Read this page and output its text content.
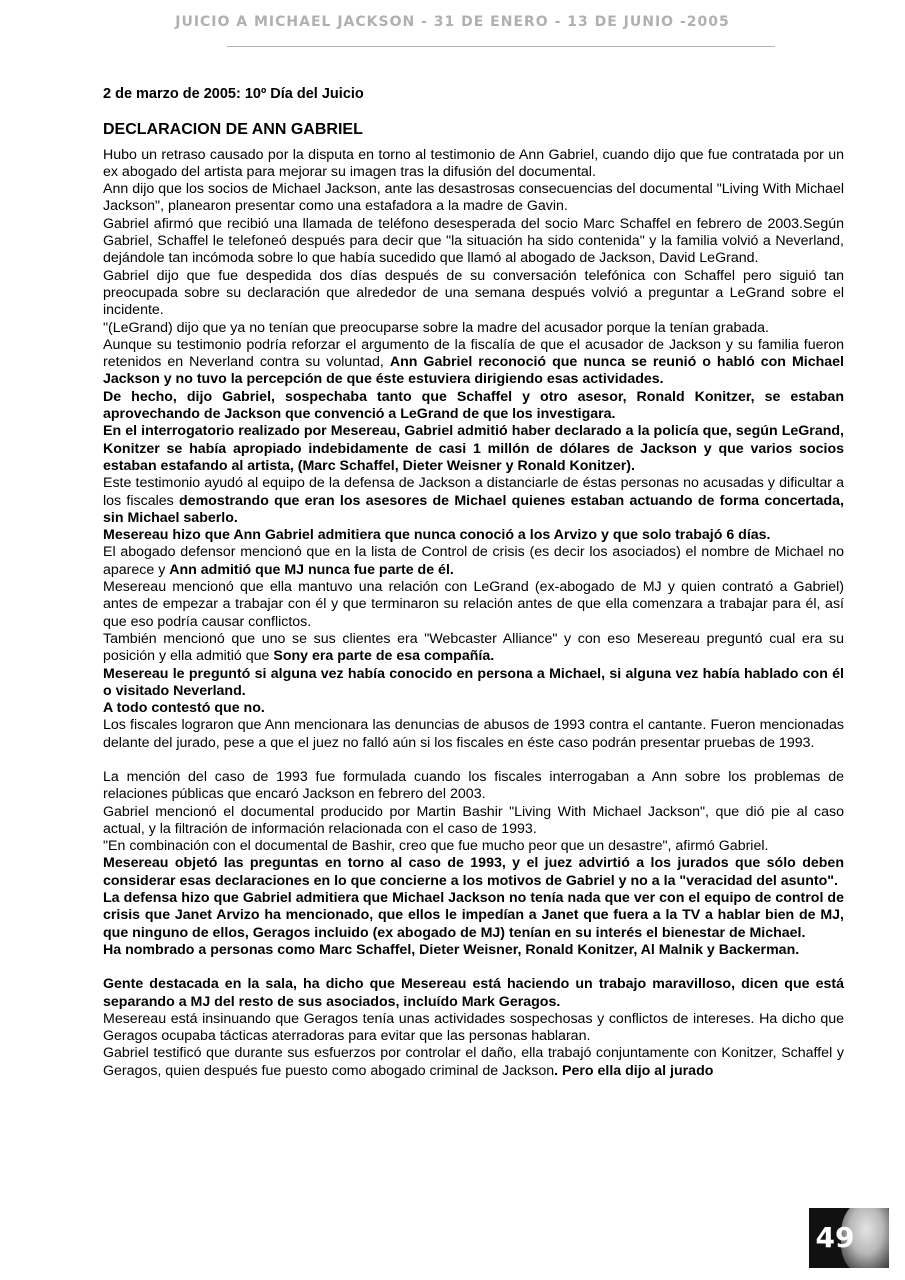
JUICIO A MICHAEL JACKSON - 31 DE ENERO - 13 DE JUNIO -2005
2 de marzo de 2005: 10º Día del Juicio
DECLARACION DE ANN GABRIEL

Hubo un retraso causado por la disputa en torno al testimonio de Ann Gabriel, cuando dijo que fue contratada por un ex abogado del artista para mejorar su imagen tras la difusión del documental.

Ann dijo que los socios de Michael Jackson, ante las desastrosas consecuencias del documental "Living With Michael Jackson", planearon presentar como una estafadora a la madre de Gavin.

Gabriel afirmó que recibió una llamada de teléfono desesperada del socio Marc Schaffel en febrero de 2003.Según Gabriel, Schaffel le telefoneó después para decir que "la situación ha sido contenida" y la familia volvió a Neverland, dejándole tan incómoda sobre lo que había sucedido que llamó al abogado de Jackson, David LeGrand.

Gabriel dijo que fue despedida dos días después de su conversación telefónica con Schaffel pero siguió tan preocupada sobre su declaración que alrededor de una semana después volvió a preguntar a LeGrand sobre el incidente.

"(LeGrand) dijo que ya no tenían que preocuparse sobre la madre del acusador porque la tenían grabada.

Aunque su testimonio podría reforzar el argumento de la fiscalía de que el acusador de Jackson y su familia fueron retenidos en Neverland contra su voluntad, Ann Gabriel reconoció que nunca se reunió o habló con Michael Jackson y no tuvo la percepción de que éste estuviera dirigiendo esas actividades.

De hecho, dijo Gabriel, sospechaba tanto que Schaffel y otro asesor, Ronald Konitzer, se estaban aprovechando de Jackson que convenció a LeGrand de que los investigara.

En el interrogatorio realizado por Mesereau, Gabriel admitió haber declarado a la policía que, según LeGrand, Konitzer se había apropiado indebidamente de casi 1 millón de dólares de Jackson y que varios socios estaban estafando al artista, (Marc Schaffel, Dieter Weisner y Ronald Konitzer).

Este testimonio ayudó al equipo de la defensa de Jackson a distanciarle de éstas personas no acusadas y dificultar a los fiscales demostrando que eran los asesores de Michael quienes estaban actuando de forma concertada, sin Michael saberlo.

Mesereau hizo que Ann Gabriel admitiera que nunca conoció a los Arvizo y que solo trabajó 6 días.

El abogado defensor mencionó que en la lista de Control de crisis (es decir los asociados) el nombre de Michael no aparece y Ann admitió que MJ nunca fue parte de él.

Mesereau mencionó que ella mantuvo una relación con LeGrand (ex-abogado de MJ y quien contrató a Gabriel) antes de empezar a trabajar con él y que terminaron su relación antes de que ella comenzara a trabajar para él, así que eso podría causar conflictos.

También mencionó que uno se sus clientes era "Webcaster Alliance" y con eso Mesereau preguntó cual era su posición y ella admitió que Sony era parte de esa compañía.

Mesereau le preguntó si alguna vez había conocido en persona a Michael, si alguna vez había hablado con él o visitado Neverland.

A todo contestó que no.

Los fiscales lograron que Ann mencionara las denuncias de abusos de 1993 contra el cantante. Fueron mencionadas delante del jurado, pese a que el juez no falló aún si los fiscales en éste caso podrán presentar pruebas de 1993.

La mención del caso de 1993 fue formulada cuando los fiscales interrogaban a Ann sobre los problemas de relaciones públicas que encaró Jackson en febrero del 2003.

Gabriel mencionó el documental producido por Martin Bashir "Living With Michael Jackson", que dió pie al caso actual, y la filtración de información relacionada con el caso de 1993.

"En combinación con el documental de Bashir, creo que fue mucho peor que un desastre", afirmó Gabriel.

Mesereau objetó las preguntas en torno al caso de 1993, y el juez advirtió a los jurados que sólo deben considerar esas declaraciones en lo que concierne a los motivos de Gabriel y no a la "veracidad del asunto".

La defensa hizo que Gabriel admitiera que Michael Jackson no tenía nada que ver con el equipo de control de crisis que Janet Arvizo ha mencionado, que ellos le impedían a Janet que fuera a la TV a hablar bien de MJ, que ninguno de ellos, Geragos incluido (ex abogado de MJ) tenían en su interés el bienestar de Michael.

Ha nombrado a personas como Marc Schaffel, Dieter Weisner, Ronald Konitzer, Al Malnik y Backerman.

Gente destacada en la sala, ha dicho que Mesereau está haciendo un trabajo maravilloso, dicen que está separando a MJ del resto de sus asociados, incluído Mark Geragos.

Mesereau está insinuando que Geragos tenía unas actividades sospechosas y conflictos de intereses. Ha dicho que Geragos ocupaba tácticas aterradoras para evitar que las personas hablaran.

Gabriel testificó que durante sus esfuerzos por controlar el daño, ella trabajó conjuntamente con Konitzer, Schaffel y Geragos, quien después fue puesto como abogado criminal de Jackson. Pero ella dijo al jurado

49
